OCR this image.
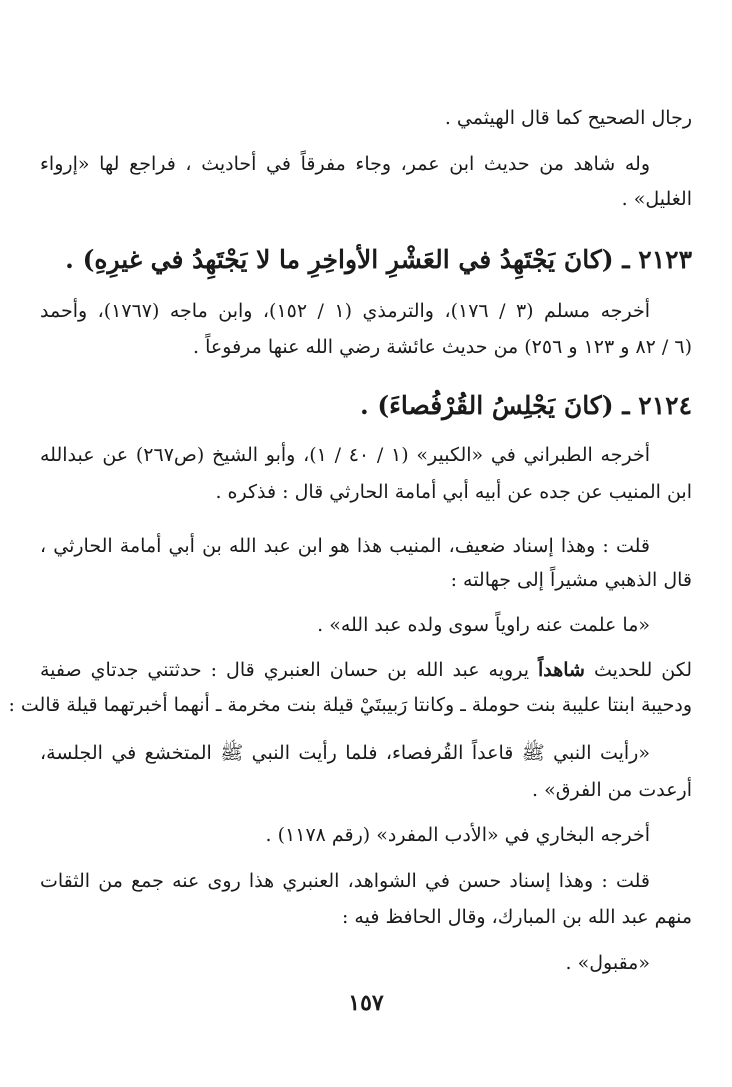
رجال الصحيح كما قال الهيثمي .
وله شاهد من حديث ابن عمر، وجاء مفرقاً في أحاديث ، فراجع لها «إرواء
الغليل» .
٢١٢٣ ـ (كانَ يَجْتَهِدُ في العَشْرِ الأواخِرِ ما لا يَجْتَهِدُ في غيرِهِ) .
أخرجه مسلم (٣ / ١٧٦)، والترمذي (١ / ١٥٢)، وابن ماجه (١٧٦٧)، وأحمد
(٦ / ٨٢ و ١٢٣ و ٢٥٦) من حديث عائشة رضي الله عنها مرفوعاً .
٢١٢٤ ـ (كانَ يَجْلِسُ القُرْفُصاءَ) .
أخرجه الطبراني في «الكبير» (١ / ٤٠ / ١)، وأبو الشيخ (ص٢٦٧) عن عبدالله
ابن المنيب عن جده عن أبيه أبي أمامة الحارثي قال : فذكره .
قلت : وهذا إسناد ضعيف، المنيب هذا هو ابن عبد الله بن أبي أمامة الحارثي ،
قال الذهبي مشيراً إلى جهالته :
«ما علمت عنه راوياً سوى ولده عبد الله» .
لكن للحديث شاهداً يرويه عبد الله بن حسان العنبري قال : حدثتني جدتاي صفية
ودحيبة ابنتا عليبة بنت حوملة ـ وكانتا رَبيبتَيْ قيلة بنت مخرمة ـ أنهما أخبرتهما قيلة قالت :
«رأيت النبي ﷺ قاعداً القُرفصاء، فلما رأيت النبي ﷺ المتخشع في الجلسة،
أرعدت من الفرق» .
أخرجه البخاري في «الأدب المفرد» (رقم ١١٧٨) .
قلت : وهذا إسناد حسن في الشواهد، العنبري هذا روى عنه جمع من الثقات
منهم عبد الله بن المبارك، وقال الحافظ فيه :
«مقبول» .
١٥٧
